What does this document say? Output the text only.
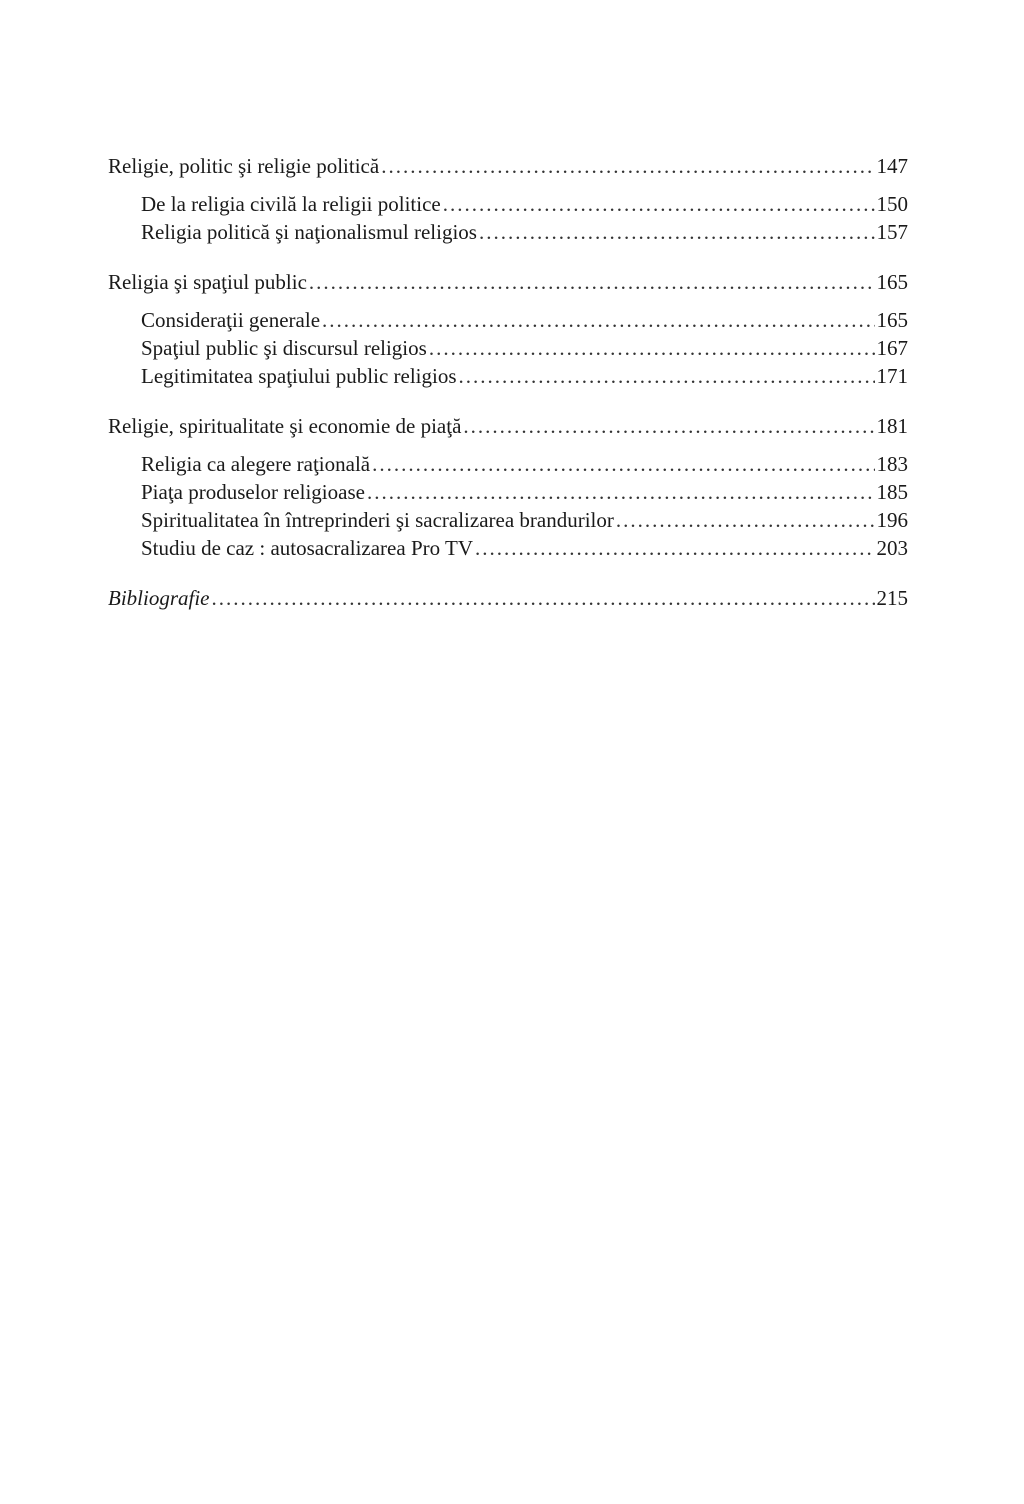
Religie, politic şi religie politică .....	147
De la religia civilă la religii politice .....	150
Religia politică şi naţionalismul religios .....	157
Religia şi spaţiul public .....	165
Consideraţii generale .....	165
Spaţiul public şi discursul religios .....	167
Legitimitatea spaţiului public religios .....	171
Religie, spiritualitate şi economie de piaţă .....	181
Religia ca alegere raţională .....	183
Piaţa produselor religioase .....	185
Spiritualitatea în întreprinderi şi sacralizarea brandurilor .....	196
Studiu de caz : autosacralizarea Pro TV .....	203
Bibliografie .....	215
